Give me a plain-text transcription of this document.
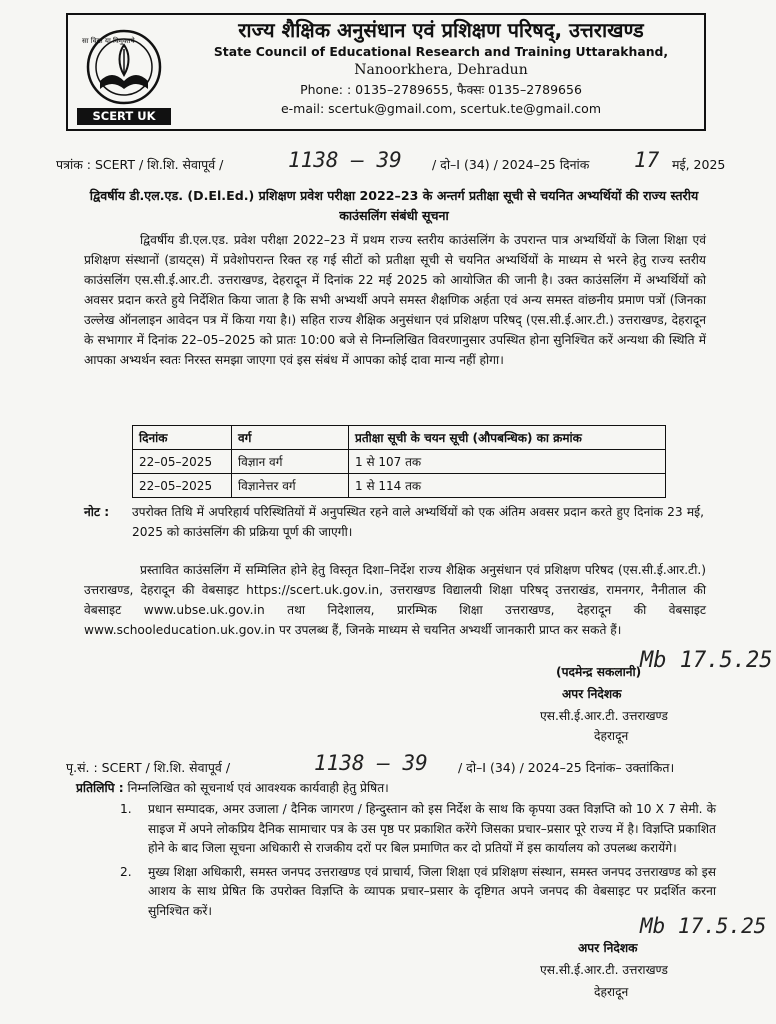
SCERT UK
सा विद्या या विमुक्तये	राज्य शैक्षिक अनुसंधान एवं प्रशिक्षण परिषद्, उत्तराखण्ड
State Council of Educational Research and Training Uttarakhand,
Nanoorkhera, Dehradun
Phone: : 0135–2789655, फैक्सः 0135–2789656
e-mail: scertuk@gmail.com, scertuk.te@gmail.com
पत्रांक : SCERT / शि.शि. सेवापूर्व /	1138 – 39 / दो–I (34) / 2024–25 दिनांक 17 मई, 2025
द्विवर्षीय डी.एल.एड. (D.El.Ed.) प्रशिक्षण प्रवेश परीक्षा 2022–23 के अन्तर्ग प्रतीक्षा सूची से चयनित अभ्यर्थियों की राज्य स्तरीय काउंसलिंग संबंधी सूचना
द्विवर्षीय डी.एल.एड. प्रवेश परीक्षा 2022–23 में प्रथम राज्य स्तरीय काउंसलिंग के उपरान्त पात्र अभ्यर्थियों के जिला शिक्षा एवं प्रशिक्षण संस्थानों (डायट्स) में प्रवेशोपरान्त रिक्त रह गई सीटों को प्रतीक्षा सूची से चयनित अभ्यर्थियों के माध्यम से भरने हेतु राज्य स्तरीय काउंसलिंग एस.सी.ई.आर.टी. उत्तराखण्ड, देहरादून में दिनांक 22 मई 2025 को आयोजित की जानी है। उक्त काउंसलिंग में अभ्यर्थियों को अवसर प्रदान करते हुये निर्देशित किया जाता है कि सभी अभ्यर्थी अपने समस्त शैक्षणिक अर्हता एवं अन्य समस्त वांछनीय प्रमाण पत्रों (जिनका उल्लेख ऑनलाइन आवेदन पत्र में किया गया है।) सहित राज्य शैक्षिक अनुसंधान एवं प्रशिक्षण परिषद् (एस.सी.ई.आर.टी.) उत्तराखण्ड, देहरादून के सभागार में दिनांक 22–05–2025 को प्रातः 10:00 बजे से निम्नलिखित विवरणानुसार उपस्थित होना सुनिश्चित करें अन्यथा की स्थिति में आपका अभ्यर्थन स्वतः निरस्त समझा जाएगा एवं इस संबंध में आपका कोई दावा मान्य नहीं होगा।
दिनांक	वर्ग	प्रतीक्षा सूची के चयन सूची (औपबन्धिक) का क्रमांक
22–05–2025	विज्ञान वर्ग	1 से 107 तक
22–05–2025	विज्ञानेत्तर वर्ग	1 से 114 तक
नोट : उपरोक्त तिथि में अपरिहार्य परिस्थितियों में अनुपस्थित रहने वाले अभ्यर्थियों को एक अंतिम अवसर प्रदान करते हुए दिनांक 23 मई, 2025 को काउंसलिंग की प्रक्रिया पूर्ण की जाएगी।
प्रस्तावित काउंसलिंग में सम्मिलित होने हेतु विस्तृत दिशा–निर्देश राज्य शैक्षिक अनुसंधान एवं प्रशिक्षण परिषद (एस.सी.ई.आर.टी.) उत्तराखण्ड, देहरादून की वेबसाइट https://scert.uk.gov.in, उत्तराखण्ड विद्यालयी शिक्षा परिषद् उत्तराखंड, रामनगर, नैनीताल की वेबसाइट www.ubse.uk.gov.in तथा निदेशालय, प्रारम्भिक शिक्षा उत्तराखण्ड, देहरादून की वेबसाइट www.schooleducation.uk.gov.in पर उपलब्ध हैं, जिनके माध्यम से चयनित अभ्यर्थी जानकारी प्राप्त कर सकते हैं।
Mb 17.5.25
(पदमेन्द्र सकलानी)
अपर निदेशक
एस.सी.ई.आर.टी. उत्तराखण्ड
देहरादून
पृ.सं. : SCERT / शि.शि. सेवापूर्व /	1138 – 39 / दो–I (34) / 2024–25 दिनांक– उक्तांकित।
प्रतिलिपि : निम्नलिखित को सूचनार्थ एवं आवश्यक कार्यवाही हेतु प्रेषित।
1. प्रधान सम्पादक, अमर उजाला / दैनिक जागरण / हिन्दुस्तान को इस निर्देश के साथ कि कृपया उक्त विज्ञप्ति को 10 X 7 सेमी. के साइज में अपने लोकप्रिय दैनिक सामाचार पत्र के उस पृष्ठ पर प्रकाशित करेंगे जिसका प्रचार–प्रसार पूरे राज्य में है। विज्ञप्ति प्रकाशित होने के बाद जिला सूचना अधिकारी से राजकीय दरों पर बिल प्रमाणित कर दो प्रतियों में इस कार्यालय को उपलब्ध करायेंगे।
2. मुख्य शिक्षा अधिकारी, समस्त जनपद उत्तराखण्ड एवं प्राचार्य, जिला शिक्षा एवं प्रशिक्षण संस्थान, समस्त जनपद उत्तराखण्ड को इस आशय के साथ प्रेषित कि उपरोक्त विज्ञप्ति के व्यापक प्रचार–प्रसार के दृष्टिगत अपने जनपद की वेबसाइट पर प्रदर्शित करना सुनिश्चित करें।
Mb 17.5.25
अपर निदेशक
एस.सी.ई.आर.टी. उत्तराखण्ड
देहरादून
